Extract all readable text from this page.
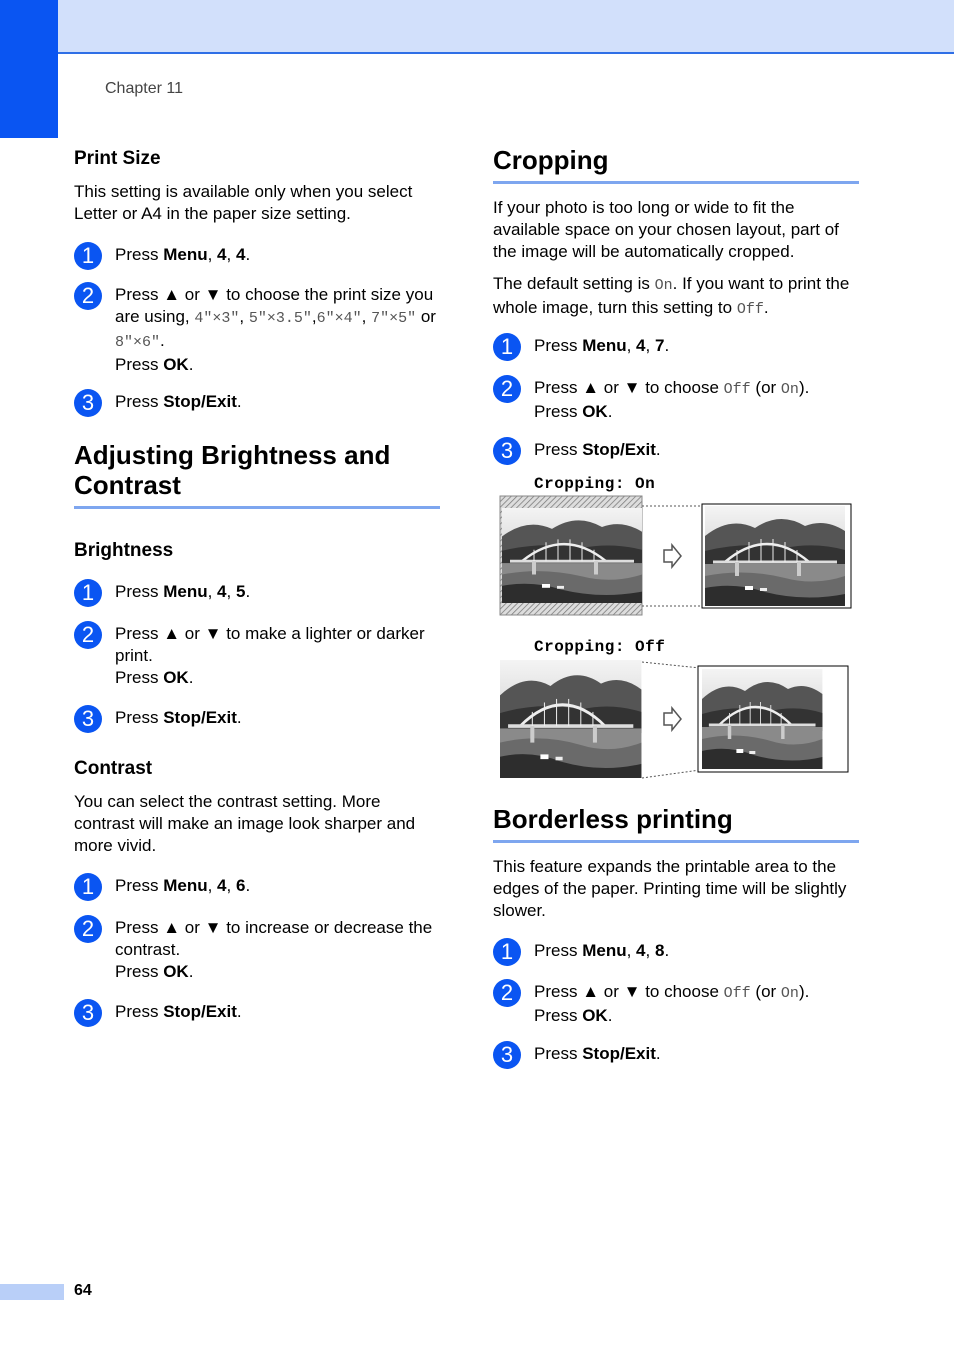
Chapter 11
Print Size

This setting is available only when you select Letter or A4 in the paper size setting.

1	Press Menu, 4, 4.
2	Press ▲ or ▼ to choose the print size you are using, 4"×3", 5"×3.5",6"×4", 7"×5" or 8"×6".
Press OK.
3	Press Stop/Exit.
Adjusting Brightness and
Contrast
Brightness
1	Press Menu, 4, 5.
2	Press ▲ or ▼ to make a lighter or darker print.
Press OK.
3	Press Stop/Exit.
Contrast

You can select the contrast setting. More contrast will make an image look sharper and more vivid.

1	Press Menu, 4, 6.
2	Press ▲ or ▼ to increase or decrease the contrast.
Press OK.
3	Press Stop/Exit.
Cropping

If your photo is too long or wide to fit the available space on your chosen layout, part of the image will be automatically cropped.

The default setting is On. If you want to print the whole image, turn this setting to Off.

1	Press Menu, 4, 7.
2	Press ▲ or ▼ to choose Off (or On).
Press OK.
3	Press Stop/Exit.
Cropping: On
Cropping: Off
Borderless printing

This feature expands the printable area to the edges of the paper. Printing time will be slightly slower.

1	Press Menu, 4, 8.
2	Press ▲ or ▼ to choose Off (or On).
Press OK.
3	Press Stop/Exit.
64
